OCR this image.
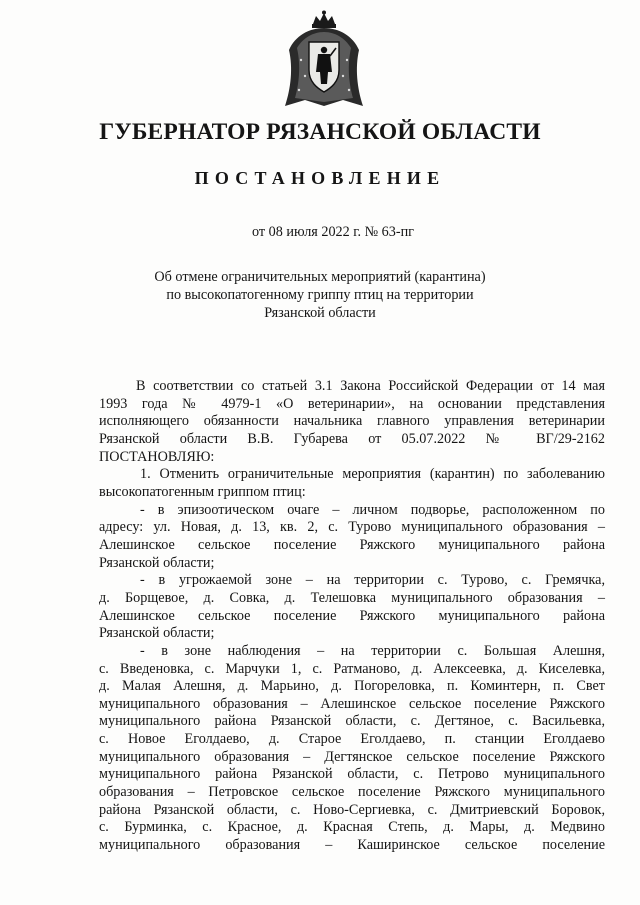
ГУБЕРНАТОР РЯЗАНСКОЙ ОБЛАСТИ
ПОСТАНОВЛЕНИЕ
от 08 июля 2022 г. № 63-пг
Об отмене ограничительных мероприятий (карантина)
по высокопатогенному гриппу птиц на территории
Рязанской области
В соответствии со статьей 3.1 Закона Российской Федерации от 14 мая
1993 года № 4979-1 «О ветеринарии», на основании представления
исполняющего обязанности начальника главного управления ветеринарии
Рязанской области В.В. Губарева от 05.07.2022 № ВГ/29-2162
ПОСТАНОВЛЯЮ:
1. Отменить ограничительные мероприятия (карантин) по заболеванию
высокопатогенным гриппом птиц:
- в эпизоотическом очаге – личном подворье, расположенном по
адресу: ул. Новая, д. 13, кв. 2, с. Турово муниципального образования –
Алешинское сельское поселение Ряжского муниципального района
Рязанской области;
- в угрожаемой зоне – на территории с. Турово, с. Гремячка,
д. Борщевое, д. Совка, д. Телешовка муниципального образования –
Алешинское сельское поселение Ряжского муниципального района
Рязанской области;
- в зоне наблюдения – на территории с. Большая Алешня,
с. Введеновка, с. Марчуки 1, с. Ратманово, д. Алексеевка, д. Киселевка,
д. Малая Алешня, д. Марьино, д. Погореловка, п. Коминтерн, п. Свет
муниципального образования – Алешинское сельское поселение Ряжского
муниципального района Рязанской области, с. Дегтяное, с. Васильевка,
с. Новое Еголдаево, д. Старое Еголдаево, п. станции Еголдаево
муниципального образования – Дегтянское сельское поселение Ряжского
муниципального района Рязанской области, с. Петрово муниципального
образования – Петровское сельское поселение Ряжского муниципального
района Рязанской области, с. Ново-Сергиевка, с. Дмитриевский Боровок,
с. Бурминка, с. Красное, д. Красная Степь, д. Мары, д. Медвино
муниципального образования – Каширинское сельское поселение
